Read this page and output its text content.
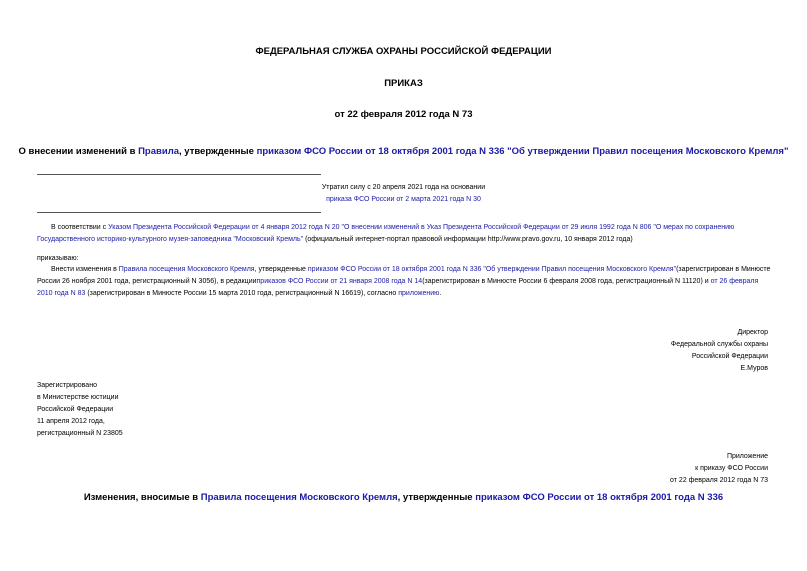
ФЕДЕРАЛЬНАЯ СЛУЖБА ОХРАНЫ РОССИЙСКОЙ ФЕДЕРАЦИИ
ПРИКАЗ
от 22 февраля 2012 года N 73
О внесении изменений в Правила, утвержденные приказом ФСО России от 18 октября 2001 года N 336 "Об утверждении Правил посещения Московского Кремля"
Утратил силу с 20 апреля 2021 года на основании
приказа ФСО России от 2 марта 2021 года N 30
В соответствии с Указом Президента Российской Федерации от 4 января 2012 года N 20 "О внесении изменений в Указ Президента Российской Федерации от 29 июля 1992 года N 806 "О мерах по сохранению Государственного историко-культурного музея-заповедника "Московский Кремль" (официальный интернет-портал правовой информации http://www.pravo.gov.ru, 10 января 2012 года)
приказываю:
Внести изменения в Правила посещения Московского Кремля, утвержденные приказом ФСО России от 18 октября 2001 года N 336 "Об утверждении Правил посещения Московского Кремля"(зарегистрирован в Минюсте России 26 ноября 2001 года, регистрационный N 3056), в редакцииприказов ФСО России от 21 января 2008 года N 14(зарегистрирован в Минюсте России 6 февраля 2008 года, регистрационный N 11120) и от 26 февраля 2010 года N 83 (зарегистрирован в Минюсте России 15 марта 2010 года, регистрационный N 16619), согласно приложению.
Директор
Федеральной службы охраны
Российской Федерации
Е.Муров
Зарегистрировано
в Министерстве юстиции
Российской Федерации
11 апреля 2012 года,
регистрационный N 23805
Приложение
к приказу ФСО России
от 22 февраля 2012 года N 73
Изменения, вносимые в Правила посещения Московского Кремля, утвержденные приказом ФСО России от 18 октября 2001 года N 336
